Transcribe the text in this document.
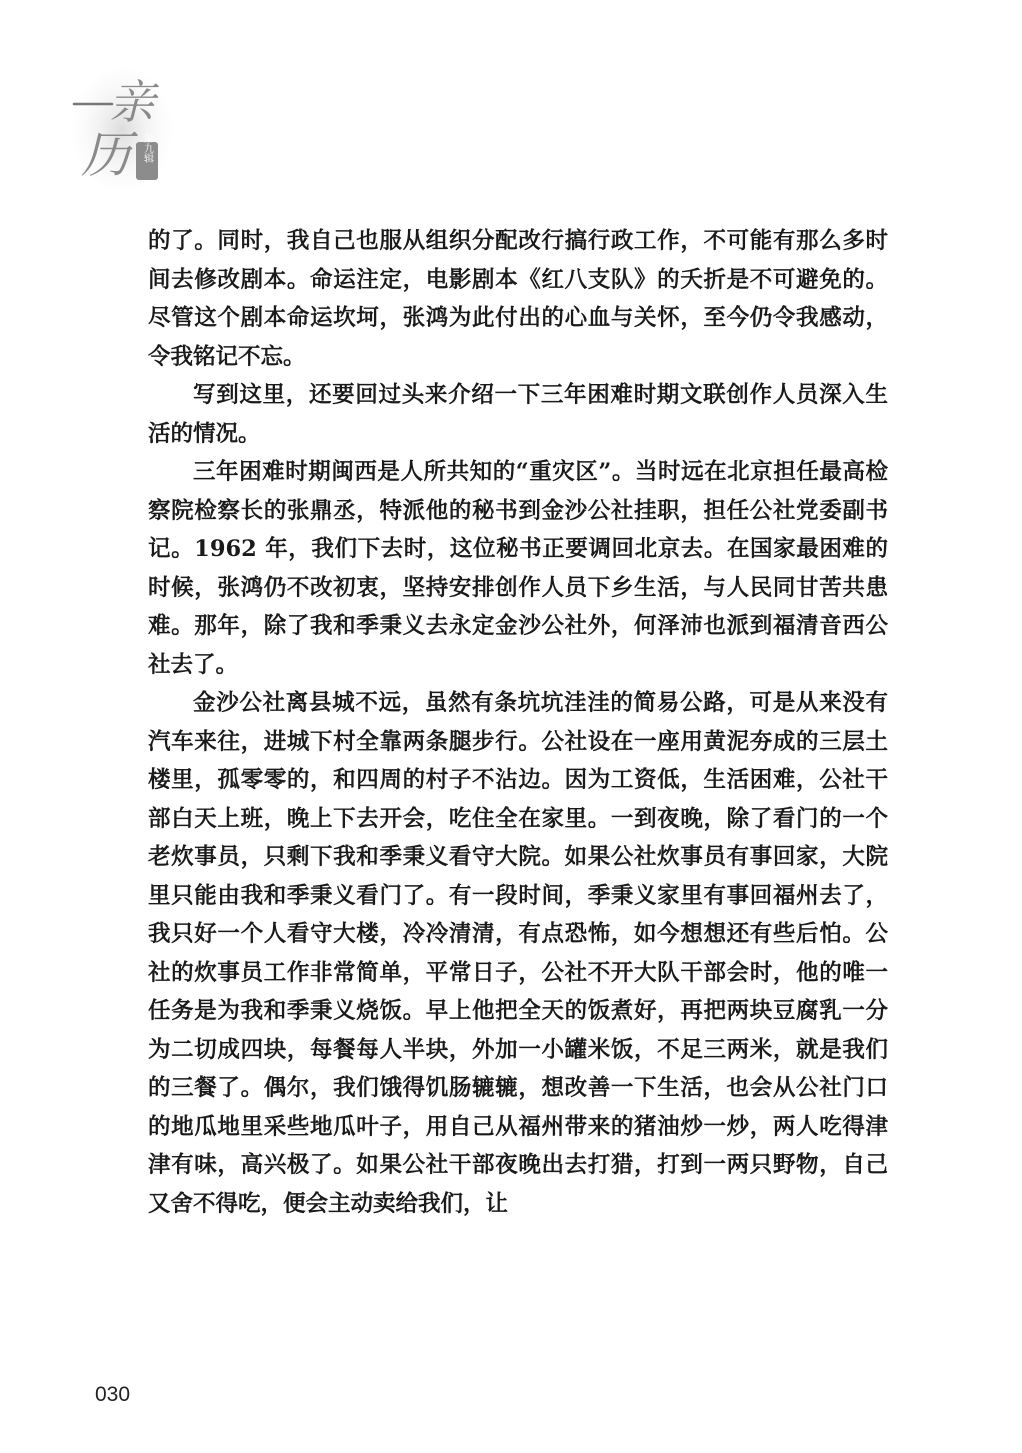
亲
历	第九辑

的了。同时，我自己也服从组织分配改行搞行政工作，不可能有那么多时间去修改剧本。命运注定，电影剧本《红八支队》的夭折是不可避免的。尽管这个剧本命运坎坷，张鸿为此付出的心血与关怀，至今仍令我感动，令我铭记不忘。

写到这里，还要回过头来介绍一下三年困难时期文联创作人员深入生活的情况。

三年困难时期闽西是人所共知的“重灾区”。当时远在北京担任最高检察院检察长的张鼎丞，特派他的秘书到金沙公社挂职，担任公社党委副书记。1962 年，我们下去时，这位秘书正要调回北京去。在国家最困难的时候，张鸿仍不改初衷，坚持安排创作人员下乡生活，与人民同甘苦共患难。那年，除了我和季秉义去永定金沙公社外，何泽沛也派到福清音西公社去了。

金沙公社离县城不远，虽然有条坑坑洼洼的简易公路，可是从来没有汽车来往，进城下村全靠两条腿步行。公社设在一座用黄泥夯成的三层土楼里，孤零零的，和四周的村子不沾边。因为工资低，生活困难，公社干部白天上班，晚上下去开会，吃住全在家里。一到夜晚，除了看门的一个老炊事员，只剩下我和季秉义看守大院。如果公社炊事员有事回家，大院里只能由我和季秉义看门了。有一段时间，季秉义家里有事回福州去了，我只好一个人看守大楼，冷冷清清，有点恐怖，如今想想还有些后怕。公社的炊事员工作非常简单，平常日子，公社不开大队干部会时，他的唯一任务是为我和季秉义烧饭。早上他把全天的饭煮好，再把两块豆腐乳一分为二切成四块，每餐每人半块，外加一小罐米饭，不足三两米，就是我们的三餐了。偶尔，我们饿得饥肠辘辘，想改善一下生活，也会从公社门口的地瓜地里采些地瓜叶子，用自己从福州带来的猪油炒一炒，两人吃得津津有味，高兴极了。如果公社干部夜晚出去打猎，打到一两只野物，自己又舍不得吃，便会主动卖给我们，让

030
